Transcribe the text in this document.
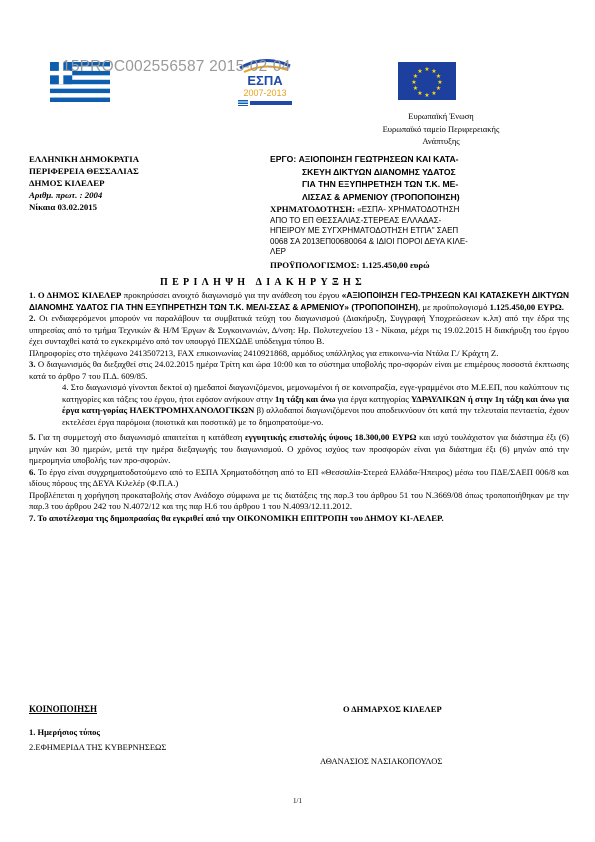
15PROC002556587 2015-02-04
ΕΣΠΑ
2007-2013
★ ★
★
★
★
★
★
★
★
★
★
★
Ευρωπαϊκή Ένωση
Ευρωπαϊκό ταμείο Περιφερειακής
Ανάπτυξης
ΕΛΛΗΝΙΚΗ ΔΗΜΟΚΡΑΤΙΑ
ΠΕΡΙΦΕΡΕΙΑ ΘΕΣΣΑΛΙΑΣ
ΔΗΜΟΣ ΚΙΛΕΛΕΡ
Αριθμ. πρωτ. : 2004
Νίκαια 03.02.2015
ΕΡΓΟ: ΑΞΙΟΠΟΙΗΣΗ ΓΕΩΤΡΗΣΕΩΝ ΚΑΙ ΚΑΤΑ-
ΣΚΕΥΗ ΔΙΚΤΥΩΝ ΔΙΑΝΟΜΗΣ ΥΔΑΤΟΣ
ΓΙΑ ΤΗΝ ΕΞΥΠΗΡΕΤΗΣΗ ΤΩΝ Τ.Κ. ΜΕ-
ΛΙΣΣΑΣ & ΑΡΜΕΝΙΟΥ (ΤΡΟΠΟΠΟΙΗΣΗ)
ΧΡΗΜΑΤΟΔΟΤΗΣΗ: «ΕΣΠΑ- ΧΡΗΜΑΤΟΔΟΤΗΣΗ
ΑΠΟ ΤΟ ΕΠ ΘΕΣΣΑΛΙΑΣ-ΣΤΕΡΕΑΣ ΕΛΛΑΔΑΣ-
ΗΠΕΙΡΟΥ ΜΕ ΣΥΓΧΡΗΜΑΤΟΔΟΤΗΣΗ ΕΤΠΑ" ΣΑΕΠ
0068 ΣΑ 2013ΕΠ00680064 & ΙΔΙΟΙ ΠΟΡΟΙ ΔΕΥΑ ΚΙΛΕ-
ΛΕΡ
ΠΡΟΫΠΟΛΟΓΙΣΜΟΣ: 1.125.450,00 ευρώ
ΠΕΡΙΛΗΨΗ ΔΙΑΚΗΡΥΞΗΣ

1. Ο ΔΗΜΟΣ ΚΙΛΕΛΕΡ προκηρύσσει ανοιχτό διαγωνισμό για την ανάθεση του έργου «ΑΞΙΟΠΟΙΗΣΗ ΓΕΩ-ΤΡΗΣΕΩΝ ΚΑΙ ΚΑΤΑΣΚΕΥΗ ΔΙΚΤΥΩΝ ΔΙΑΝΟΜΗΣ ΥΔΑΤΟΣ ΓΙΑ ΤΗΝ ΕΞΥΠΗΡΕΤΗΣΗ ΤΩΝ Τ.Κ. ΜΕΛΙ-ΣΣΑΣ & ΑΡΜΕΝΙΟΥ» (ΤΡΟΠΟΠΟΙΗΣΗ), με προϋπολογισμό 1.125.450,00 ΕΥΡΩ.

2. Οι ενδιαφερόμενοι μπορούν να παραλάβουν τα συμβατικά τεύχη του διαγωνισμού (Διακήρυξη, Συγγραφή Υποχρεώσεων κ.λπ) από την έδρα της υπηρεσίας από το τμήμα Τεχνικών & Η/Μ Έργων & Συγκοινωνιών, Δ/νση: Ηρ. Πολυτεχνείου 13 - Νίκαια, μέχρι τις 19.02.2015 Η διακήρυξη του έργου έχει συνταχθεί κατά το εγκεκριμένο από τον υπουργό ΠΕΧΩΔΕ υπόδειγμα τύπου Β.

Πληροφορίες στο τηλέφωνο 2413507213, FAX επικοινωνίας 2410921868, αρμόδιος υπάλληλος για επικοινω-νία Ντάλα Γ./ Κράχτη Ζ.

3. Ο διαγωνισμός θα διεξαχθεί στις 24.02.2015 ημέρα Τρίτη και ώρα 10:00 και το σύστημα υποβολής προ-σφορών είναι με επιμέρους ποσοστά έκπτωσης κατά το άρθρο 7 του Π.Δ. 609/85.

4. Στο διαγωνισμό γίνονται δεκτοί α) ημεδαποί διαγωνιζόμενοι, μεμονωμένοι ή σε κοινοπραξία, εγγε-γραμμένοι στο Μ.Ε.ΕΠ, που καλύπτουν τις κατηγορίες και τάξεις του έργου, ήτοι εφόσον ανήκουν στην 1η τάξη και άνω για έργα κατηγορίας ΥΔΡΑΥΛΙΚΩΝ ή στην 1η τάξη και άνω για έργα κατη-γορίας ΗΛΕΚΤΡΟΜΗΧΑΝΟΛΟΓΙΚΩΝ β) αλλοδαποί διαγωνιζόμενοι που αποδεικνύουν ότι κατά την τελευταία πενταετία, έχουν εκτελέσει έργα παρόμοια (ποιοτικά και ποσοτικά) με το δημοπρατούμε-νο.

5. Για τη συμμετοχή στο διαγωνισμό απαιτείται η κατάθεση εγγυητικής επιστολής ύψους 18.300,00 ΕΥΡΩ και ισχύ τουλάχιστον για διάστημα έξι (6) μηνών και 30 ημερών, μετά την ημέρα διεξαγωγής του διαγωνισμού. Ο χρόνος ισχύος των προσφορών είναι για διάστημα έξι (6) μηνών από την ημερομηνία υποβολής των προ-σφορών.

6. Το έργο είναι συγχρηματοδοτούμενο από το ΕΣΠΑ Χρηματοδότηση από το ΕΠ «Θεσσαλία-Στερεά Ελλάδα-Ήπειρος) μέσω του ΠΔΕ/ΣΑΕΠ 006/8 και ιδίους πόρους της ΔΕΥΑ Κιλελέρ (Φ.Π.Α.)

Προβλέπεται η χορήγηση προκαταβολής στον Ανάδοχο σύμφωνα με τις διατάξεις της παρ.3 του άρθρου 51 του Ν.3669/08 όπως τροποποιήθηκαν με την παρ.3 του άρθρου 242 του Ν.4072/12 και της παρ Η.6 του άρθρου 1 του Ν.4093/12.11.2012.

7. Το αποτέλεσμα της δημοπρασίας θα εγκριθεί από την ΟΙΚΟΝΟΜΙΚΗ ΕΠΙΤΡΟΠΗ του ΔΗΜΟΥ ΚΙ-ΛΕΛΕΡ.

ΚΟΙΝΟΠΟΙΗΣΗ	Ο ΔΗΜΑΡΧΟΣ ΚΙΛΕΛΕΡ
1. Ημερήσιος τύπος
2.ΕΦΗΜΕΡΙΔΑ ΤΗΣ ΚΥΒΕΡΝΗΣΕΩΣ
ΑΘΑΝΑΣΙΟΣ ΝΑΣΙΑΚΟΠΟΥΛΟΣ
1/1
